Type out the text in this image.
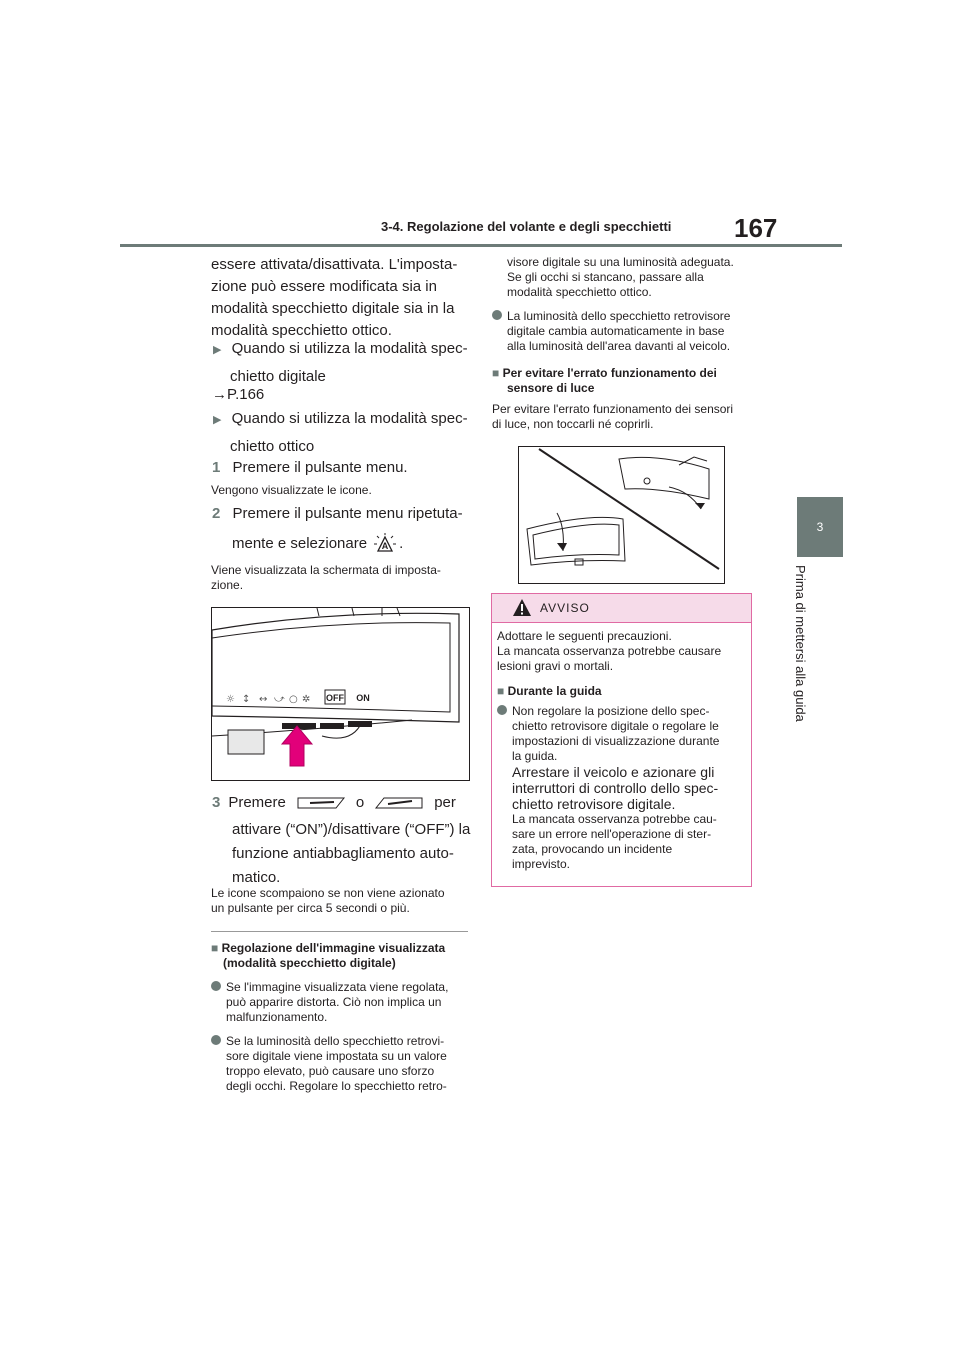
3-4. Regolazione del volante e degli specchietti 167
3
Prima di mettersi alla guida
essere attivata/disattivata. L'imposta-
zione può essere modificata sia in
modalità specchietto digitale sia in la
modalità specchietto ottico.
▶ Quando si utilizza la modalità spec-
chietto digitale
→P.166
▶ Quando si utilizza la modalità spec-
chietto ottico
1 Premere il pulsante menu.
Vengono visualizzate le icone.
2 Premere il pulsante menu ripetuta-
mente e selezionare A .
Viene visualizzata la schermata di imposta-
zione.
☼ ↕ ↔ ⤻ ○ ✲ OFF ON
3 Premere	o	per
attivare (“ON”)/disattivare (“OFF”) la
funzione antiabbagliamento auto-
matico.
Le icone scompaiono se non viene azionato
un pulsante per circa 5 secondi o più.
■ Regolazione dell'immagine visualizzata
(modalità specchietto digitale)
Se l'immagine visualizzata viene regolata,
può apparire distorta. Ciò non implica un
malfunzionamento.
Se la luminosità dello specchietto retrovi-
sore digitale viene impostata su un valore
troppo elevato, può causare uno sforzo
degli occhi. Regolare lo specchietto retro-
visore digitale su una luminosità adeguata.
Se gli occhi si stancano, passare alla
modalità specchietto ottico.
La luminosità dello specchietto retrovisore
digitale cambia automaticamente in base
alla luminosità dell'area davanti al veicolo.
■ Per evitare l'errato funzionamento dei
sensore di luce
Per evitare l'errato funzionamento dei sensori
di luce, non toccarli né coprirli.
AVVISO
Adottare le seguenti precauzioni.
La mancata osservanza potrebbe causare
lesioni gravi o mortali.
■ Durante la guida
Non regolare la posizione dello spec-
chietto retrovisore digitale o regolare le
impostazioni di visualizzazione durante
la guida.
Arrestare il veicolo e azionare gli
interruttori di controllo dello spec-
chietto retrovisore digitale.
La mancata osservanza potrebbe cau-
sare un errore nell'operazione di ster-
zata, provocando un incidente
imprevisto.
